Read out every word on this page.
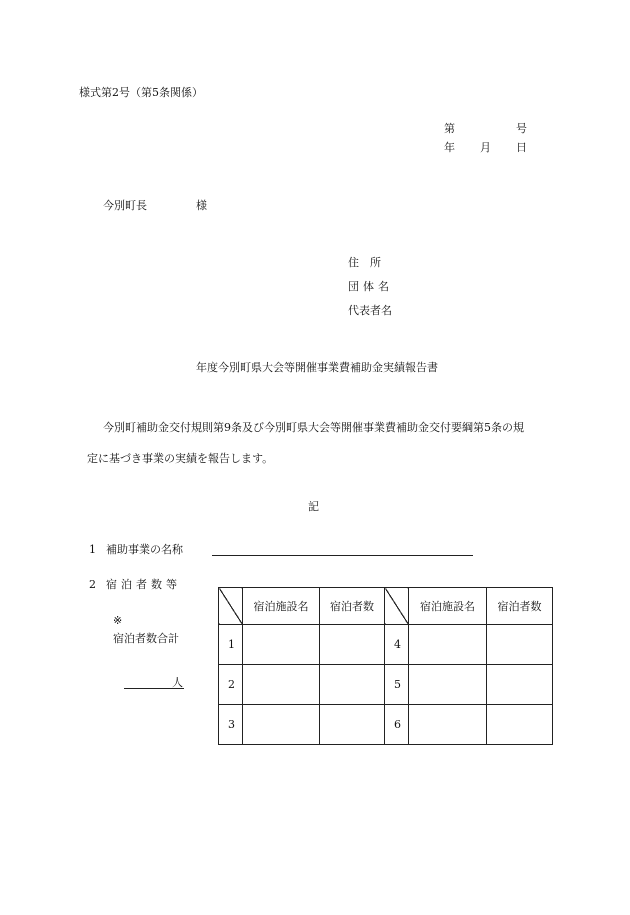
様式第2号（第5条関係）
第	号
年 月 日
今別町長	様
住　所
団体名
代表者名
年度今別町県大会等開催事業費補助金実績報告書
今別町補助金交付規則第9条及び今別町県大会等開催事業費補助金交付要綱第5条の規
定に基づき事業の実績を報告します。
記
1 補助事業の名称
2 宿泊者数等
※
宿泊者数合計
人
	宿泊施設名	宿泊者数		宿泊施設名	宿泊者数
1			4		
2			5		
3			6		
